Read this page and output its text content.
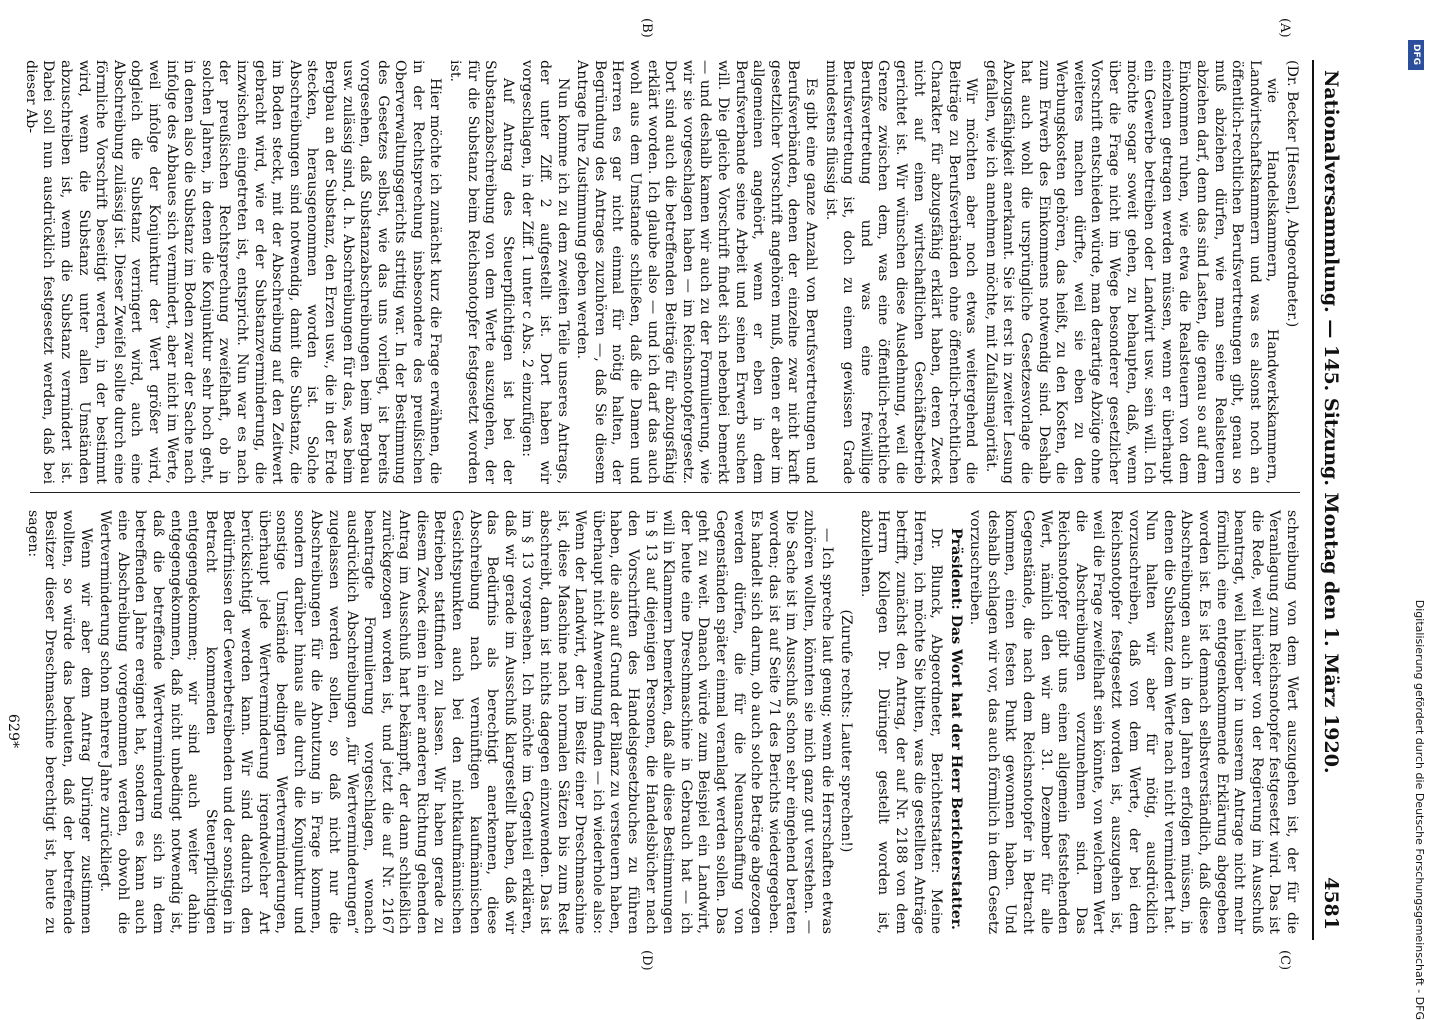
Nationalversammlung. — 145. Sitzung. Montag den 1. März 1920.
4581
(A)
(B)
(C)
(D)

(Dr. Becker [Hessen], Abgeordneter.)

wie Handelskammern, Handwerkskammern, Landwirtschaftskammern und was es alsonst noch an öffentlich-rechtlichen Berufsvertretungen gibt, genau so muß abziehen dürfen, wie man seine Realsteuern abziehen darf, denn das sind Lasten, die genau so auf dem Einkommen ruhen, wie etwa die Realsteuern von dem einzelnen getragen werden müssen, wenn er überhaupt ein Gewerbe betreiben oder Landwirt usw. sein will. Ich möchte sogar soweit gehen, zu behaupten, daß, wenn über die Frage nicht im Wege besonderer gesetzlicher Vorschrift entschieden würde, man derartige Abzüge ohne weiteres machen dürfte, weil sie eben zu den Werbungskosten gehören, das heißt, zu den Kosten, die zum Erwerb des Einkommens notwendig sind. Deshalb hat auch wohl die ursprüngliche Gesetzesvorlage die Abzugsfähigkeit anerkannt. Sie ist erst in zweiter Lesung gefallen, wie ich annehmen möchte, mit Zufallsmajorität.

Wir möchten aber noch etwas weitergehend die Beiträge zu Berufsverbänden ohne öffentlich-rechtlichen Charakter für abzugsfähig erklärt haben, deren Zweck nicht auf einen wirtschaftlichen Geschäftsbetrieb gerichtet ist. Wir wünschen diese Ausdehnung, weil die Grenze zwischen dem, was eine öffentlich-rechtliche Berufsvertretung und was eine freiwillige Berufsvertretung ist, doch zu einem gewissen Grade mindestens flüssig ist.

Es gibt eine ganze Anzahl von Berufsvertretungen und Berufsverbänden, denen der einzelne zwar nicht kraft gesetzlicher Vorschrift angehören muß, denen er aber im allgemeinen angehört, wenn er eben in dem Berufsverbande seine Arbeit und seinen Erwerb suchen will. Die gleiche Vorschrift findet sich nebenbei bemerkt — und deshalb kamen wir auch zu der Formulierung, wie wir sie vorgeschlagen haben — im Reichsnotopfergesetz. Dort sind auch die betreffenden Beiträge für abzugsfähig erklärt worden. Ich glaube also — und ich darf das auch wohl aus dem Umstande schließen, daß die Damen und Herren es gar nicht einmal für nötig halten, der Begründung des Antrages zuzuhören —, daß Sie diesem Antrage Ihre Zustimmung geben werden.

Nun komme ich zu dem zweiten Teile unseres Antrags, der unter Ziff. 2 aufgestellt ist. Dort haben wir vorgeschlagen, in der Ziff. 1 unter c Abs. 2 einzufügen:

Auf Antrag des Steuerpflichtigen ist bei der Substanzabschreibung von dem Werte auszugehen, der für die Substanz beim Reichsnotopfer festgesetzt worden ist.

Hier möchte ich zunächst kurz die Frage erwähnen, die in der Rechtsprechung insbesondere des preußischen Oberverwaltungsgerichts strittig war. In der Bestimmung des Gesetzes selbst, wie das uns vorliegt, ist bereits vorgesehen, daß Substanzabschreibungen beim Bergbau usw. zulässig sind, d. h. Abschreibungen für das, was beim Bergbau an der Substanz, den Erzen usw., die in der Erde stecken, herausgenommen worden ist. Solche Abschreibungen sind notwendig, damit die Substanz, die im Boden steckt, mit der Abschreibung auf den Zeitwert gebracht wird, wie er der Substanzverminderung, die inzwischen eingetreten ist, entspricht. Nun war es nach der preußischen Rechtsprechung zweifelhaft, ob in solchen Jahren, in denen die Konjunktur sehr hoch geht, in denen also die Substanz im Boden zwar der Sache nach infolge des Abbaues sich vermindert, aber nicht im Werte, weil infolge der Konjunktur der Wert größer wird, obgleich die Substanz verringert wird, auch eine Abschreibung zulässig ist. Dieser Zweifel sollte durch eine förmliche Vorschrift beseitigt werden, in der bestimmt wird, wenn die Substanz unter allen Umständen abzuschreiben ist, wenn die Substanz vermindert ist. Dabei soll nun ausdrücklich festgesetzt werden, daß bei dieser Ab-

schreibung von dem Wert auszugehen ist, der für die Veranlagung zum Reichsnotopfer festgesetzt wird. Das ist die Rede, weil hierüber von der Regierung im Ausschuß beantragt, weil hierüber in unserem Antrage nicht mehr förmlich eine entgegenkommende Erklärung abgegeben worden ist. Es ist demnach selbstverständlich, daß diese Abschreibungen auch in den Jahren erfolgen müssen, in denen die Substanz dem Werte nach nicht vermindert hat. Nun halten wir aber für nötig, ausdrücklich vorzuschreiben, daß von dem Werte, der bei dem Reichsnotopfer festgesetzt worden ist, auszugehen ist, weil die Frage zweifelhaft sein könnte, von welchem Wert die Abschreibungen vorzunehmen sind. Das Reichsnotopfer gibt uns einen allgemein feststehenden Wert, nämlich den wir am 31. Dezember für alle Gegenstände, die nach dem Reichsnotopfer in Betracht kommen, einen festen Punkt gewonnen haben. Und deshalb schlagen wir vor, das auch förmlich in dem Gesetz vorzuschreiben.

Präsident: Das Wort hat der Herr Berichterstatter.

Dr. Blunck, Abgeordneter, Berichterstatter: Meine Herren, ich möchte Sie bitten, was die gestellten Anträge betrifft, zunächst den Antrag, der auf Nr. 2188 von dem Herrn Kollegen Dr. Düringer gestellt worden ist, abzulehnen.

(Zurufe rechts: Lauter sprechen!)

— Ich spreche laut genug; wenn die Herrschaften etwas zuhören wollten, könnten sie mich ganz gut verstehen. — Die Sache ist im Ausschuß schon sehr eingehend beraten worden; das ist auf Seite 71 des Berichts wiedergegeben. Es handelt sich darum, ob auch solche Beträge abgezogen werden dürfen, die für die Neuanschaffung von Gegenständen später einmal veranlagt werden sollen. Das geht zu weit. Danach würde zum Beispiel ein Landwirt, der heute eine Dreschmaschine in Gebrauch hat — ich will in Klammern bemerken, daß alle diese Bestimmungen in § 13 auf diejenigen Personen, die Handelsbücher nach den Vorschriften des Handelsgesetzbuches zu führen haben, die also auf Grund der Bilanz zu versteuern haben, überhaupt nicht Anwendung finden — ich wiederhole also: Wenn der Landwirt, der im Besitz einer Dreschmaschine ist, diese Maschine nach normalen Sätzen bis zum Rest abschreibt, dann ist nichts dagegen einzuwenden. Das ist im § 13 vorgesehen. Ich möchte im Gegenteil erklären, daß wir gerade im Ausschuß klargestellt haben, daß wir das Bedürfnis als berechtigt anerkennen, diese Abschreibung nach vernünftigen kaufmännischen Gesichtspunkten auch bei den nichtkaufmännischen Betrieben stattfinden zu lassen. Wir haben gerade zu diesem Zweck einen in einer anderen Richtung gehenden Antrag im Ausschuß hart bekämpft, der dann schließlich zurückgezogen worden ist, und jetzt die auf Nr. 2167 beantragte Formulierung vorgeschlagen, wonach ausdrücklich Abschreibungen „für Wertverminderungen“ zugelassen werden sollen, so daß nicht nur die Abschreibungen für die Abnutzung in Frage kommen, sondern darüber hinaus alle durch die Konjunktur und sonstige Umstände bedingten Wertverminderungen, überhaupt jede Wertverminderung irgendwelcher Art berücksichtigt werden kann. Wir sind dadurch den Bedürfnissen der Gewerbetreibenden und der sonstigen in Betracht kommenden Steuerpflichtigen entgegengekommen; wir sind auch weiter dahin entgegengekommen, daß nicht unbedingt notwendig ist, daß die betreffende Wertverminderung sich in dem betreffenden Jahre ereignet hat, sondern es kann auch eine Abschreibung vorgenommen werden, obwohl die Wertverminderung schon mehrere Jahre zurückliegt.

Wenn wir aber dem Antrag Düringer zustimmen wollten, so würde das bedeuten, daß der betreffende Besitzer dieser Dreschmaschine berechtigt ist, heute zu sagen:

629*

DFG
Digitalisierung gefördert durch die Deutsche Forschungsgemeinschaft - DFG
